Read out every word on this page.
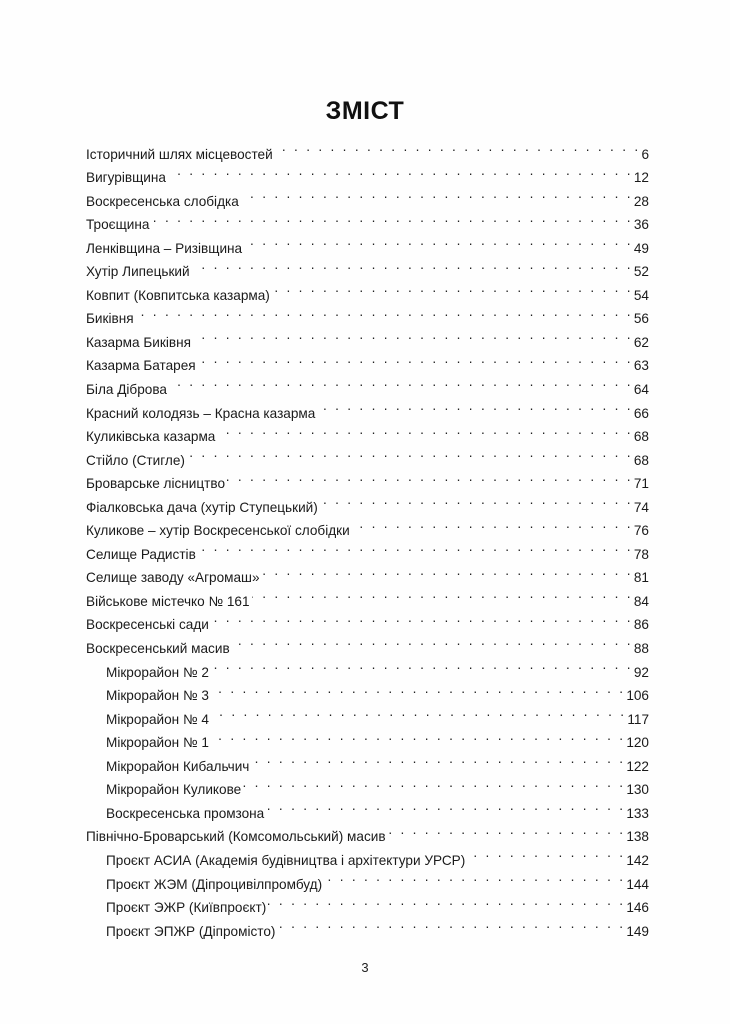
ЗМІСТ
Історичний шлях місцевостей . . .	6
Вигурівщина . . .	12
Воскресенська слобідка . . .	28
Троєщина . . .	36
Ленківщина – Ризівщина . . .	49
Хутір Липецький . . .	52
Ковпит (Ковпитська казарма) . . .	54
Биківня . . .	56
Казарма Биківня . . .	62
Казарма Батарея . . .	63
Біла Діброва . . .	64
Красний колодязь – Красна казарма . . .	66
Куликівська казарма . . .	68
Стійло (Стигле) . . .	68
Броварське лісництво . . .	71
Фіалковська дача (хутір Ступецький) . . .	74
Куликове – хутір Воскресенської слобідки . . .	76
Селище Радистів . . .	78
Селище заводу «Агромаш» . . .	81
Військове містечко № 161 . . .	84
Воскресенські сади . . .	86
Воскресенський масив . . .	88
Мікрорайон № 2 . . .	92
Мікрорайон № 3 . . .	106
Мікрорайон № 4 . . .	117
Мікрорайон № 1 . . .	120
Мікрорайон Кибальчич . . .	122
Мікрорайон Куликове . . .	130
Воскресенська промзона . . .	133
Північно-Броварський (Комсомольський) масив . . .	138
Проєкт АСИА (Академія будівництва і архітектури УРСР) . . .	142
Проєкт ЖЭМ (Діпроцивілпромбуд) . . .	144
Проєкт ЭЖР (Київпроєкт) . . .	146
Проєкт ЭПЖР (Діпромісто) . . .	149
3
